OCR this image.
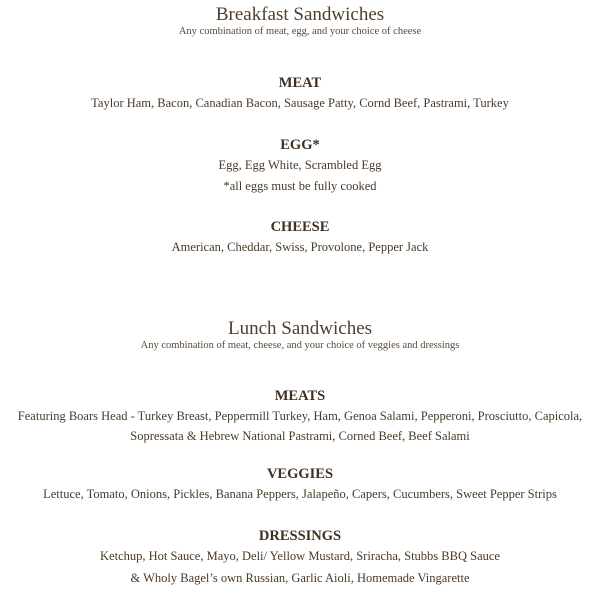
Breakfast Sandwiches
Any combination of meat, egg, and your choice of cheese
MEAT
Taylor Ham, Bacon, Canadian Bacon, Sausage Patty, Cornd Beef, Pastrami, Turkey
EGG*
Egg, Egg White, Scrambled Egg
*all eggs must be fully cooked
CHEESE
American, Cheddar, Swiss, Provolone, Pepper Jack
Lunch Sandwiches
Any combination of meat, cheese, and your choice of veggies and dressings
MEATS
Featuring Boars Head - Turkey Breast, Peppermill Turkey, Ham, Genoa Salami, Pepperoni, Prosciutto, Capicola,
Sopressata & Hebrew National Pastrami, Corned Beef, Beef Salami
VEGGIES
Lettuce, Tomato, Onions, Pickles, Banana Peppers, Jalapeño, Capers, Cucumbers, Sweet Pepper Strips
DRESSINGS
Ketchup, Hot Sauce, Mayo, Deli/ Yellow Mustard, Sriracha, Stubbs BBQ Sauce
& Wholy Bagel’s own Russian, Garlic Aioli, Homemade Vingarette
